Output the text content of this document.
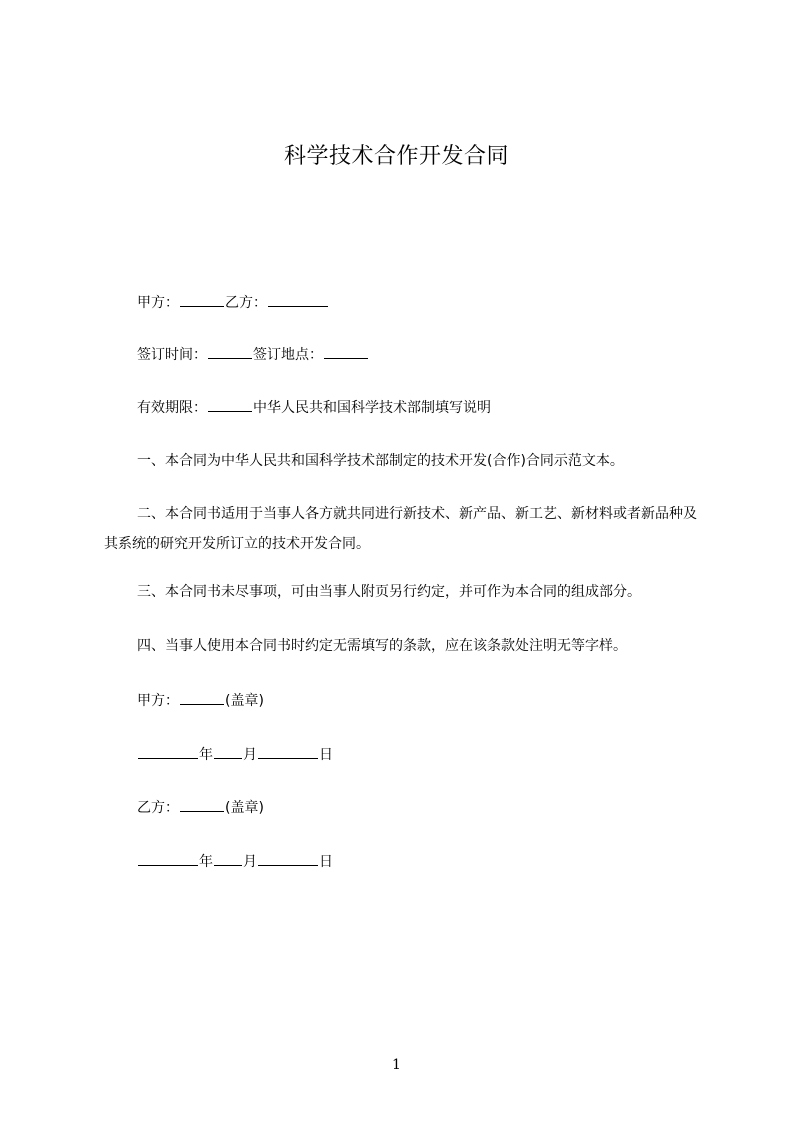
科学技术合作开发合同
甲方：	乙方：
签订时间：	签订地点：
有效期限：	中华人民共和国科学技术部制填写说明
一、本合同为中华人民共和国科学技术部制定的技术开发(合作)合同示范文本。
二、本合同书适用于当事人各方就共同进行新技术、新产品、新工艺、新材料或者新品种及其系统的研究开发所订立的技术开发合同。
三、本合同书未尽事项，可由当事人附页另行约定，并可作为本合同的组成部分。
四、当事人使用本合同书时约定无需填写的条款，应在该条款处注明无等字样。
甲方：	(盖章)
年 月	日
乙方：	(盖章)
年 月	日
1
